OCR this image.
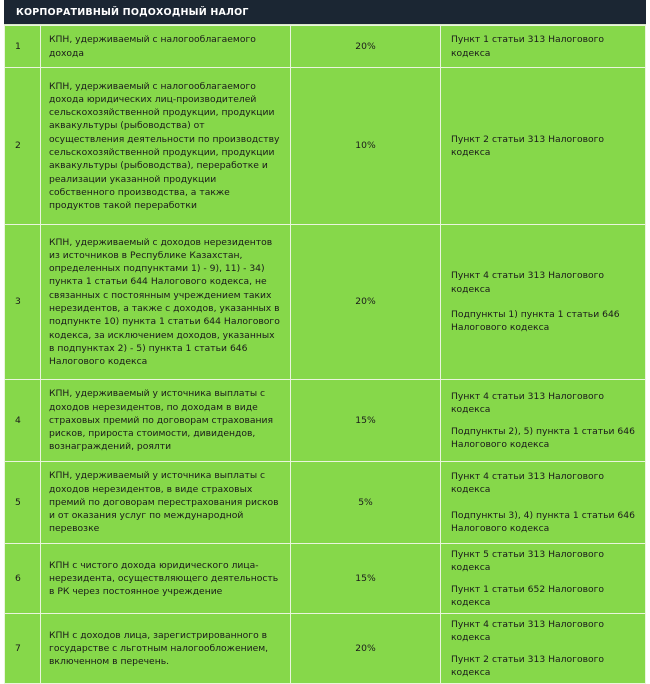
КОРПОРАТИВНЫЙ ПОДОХОДНЫЙ НАЛОГ
1	КПН, удерживаемый с налогооблагаемого дохода	20%	Пункт 1 статьи 313 Налогового кодекса

2	КПН, удерживаемый с налогооблагаемого дохода юридических лиц-производителей сельскохозяйственной продукции, продукции аквакультуры (рыбоводства) от осуществления деятельности по производству сельскохозяйственной продукции, продукции аквакультуры (рыбоводства), переработке и реализации указанной продукции собственного производства, а также продуктов такой переработки	10%	Пункт 2 статьи 313 Налогового кодекса

3	КПН, удерживаемый с доходов нерезидентов из источников в Республике Казахстан, определенных подпунктами 1) - 9), 11) - 34) пункта 1 статьи 644 Налогового кодекса, не связанных с постоянным учреждением таких нерезидентов, а также с доходов, указанных в подпункте 10) пункта 1 статьи 644 Налогового кодекса, за исключением доходов, указанных в подпунктах 2) - 5) пункта 1 статьи 646 Налогового кодекса	20%	Пункт 4 статьи 313 Налогового кодекса
Подпункты 1) пункта 1 статьи 646 Налогового кодекса

4	КПН, удерживаемый у источника выплаты с доходов нерезидентов, по доходам в виде страховых премий по договорам страхования рисков, прироста стоимости, дивидендов, вознаграждений, роялти	15%	Пункт 4 статьи 313 Налогового кодекса
Подпункты 2), 5) пункта 1 статьи 646 Налогового кодекса

5	КПН, удерживаемый у источника выплаты с доходов нерезидентов, в виде страховых премий по договорам перестрахования рисков и от оказания услуг по международной перевозке	5%	Пункт 4 статьи 313 Налогового кодекса
Подпункты 3), 4) пункта 1 статьи 646 Налогового кодекса

6	КПН с чистого дохода юридического лица-нерезидента, осуществляющего деятельность в РК через постоянное учреждение	15%	Пункт 5 статьи 313 Налогового кодекса
Пункт 1 статьи 652 Налогового кодекса

7	КПН с доходов лица, зарегистрированного в государстве с льготным налогообложением, включенном в перечень.	20%	Пункт 4 статьи 313 Налогового кодекса
Пункт 2 статьи 313 Налогового кодекса
